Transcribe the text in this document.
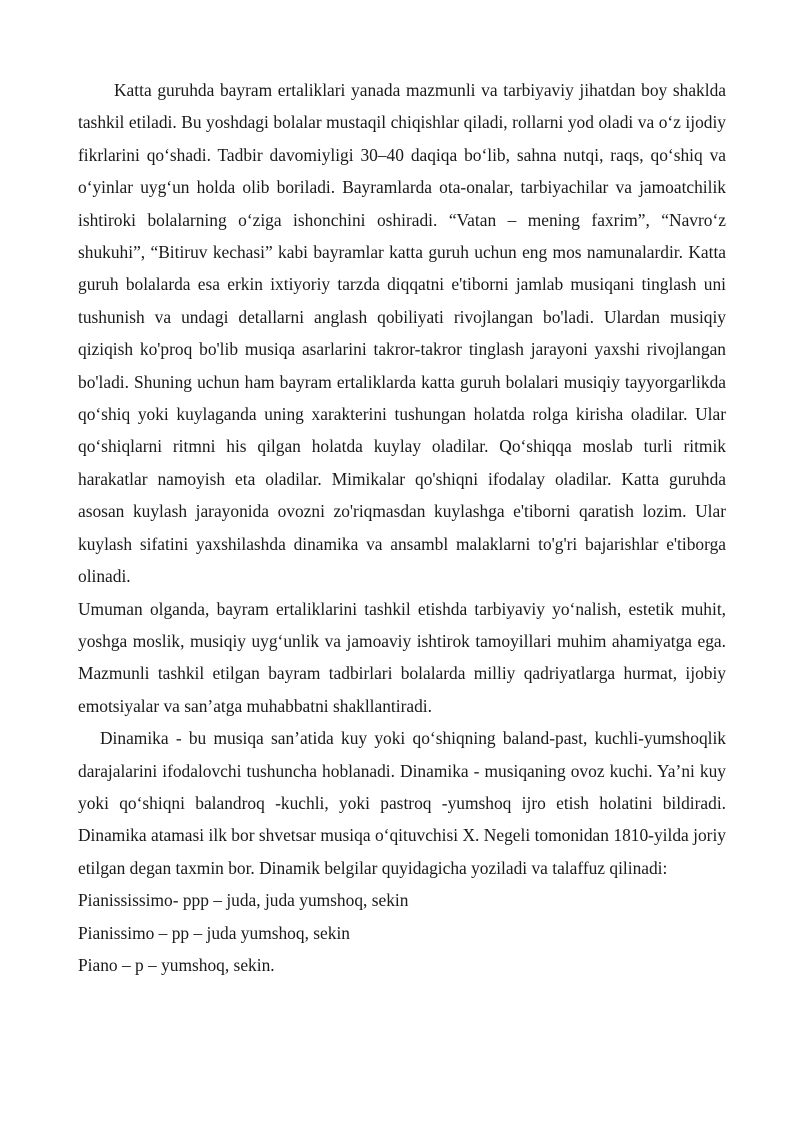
Katta guruhda bayram ertaliklari yanada mazmunli va tarbiyaviy jihatdan boy shaklda tashkil etiladi. Bu yoshdagi bolalar mustaqil chiqishlar qiladi, rollarni yod oladi va o‘z ijodiy fikrlarini qo‘shadi. Tadbir davomiyligi 30–40 daqiqa bo‘lib, sahna nutqi, raqs, qo‘shiq va o‘yinlar uyg‘un holda olib boriladi. Bayramlarda ota-onalar, tarbiyachilar va jamoatchilik ishtiroki bolalarning o‘ziga ishonchini oshiradi. “Vatan – mening faxrim”, “Navro‘z shukuhi”, “Bitiruv kechasi” kabi bayramlar katta guruh uchun eng mos namunalardir. Katta guruh bolalarda esa erkin ixtiyoriy tarzda diqqatni e'tiborni jamlab musiqani tinglash uni tushunish va undagi detallarni anglash qobiliyati rivojlangan bo'ladi. Ulardan musiqiy qiziqish ko'proq bo'lib musiqa asarlarini takror-takror tinglash jarayoni yaxshi rivojlangan bo'ladi. Shuning uchun ham bayram ertaliklarda katta guruh bolalari musiqiy tayyorgarlikda qo‘shiq yoki kuylaganda uning xarakterini tushungan holatda rolga kirisha oladilar. Ular qo‘shiqlarni ritmni his qilgan holatda kuylay oladilar. Qo‘shiqqa moslab turli ritmik harakatlar namoyish eta oladilar. Mimikalar qo'shiqni ifodalay oladilar. Katta guruhda asosan kuylash jarayonida ovozni zo'riqmasdan kuylashga e'tiborni qaratish lozim. Ular kuylash sifatini yaxshilashda dinamika va ansambl malaklarni to'g'ri bajarishlar e'tiborga olinadi.

Umuman olganda, bayram ertaliklarini tashkil etishda tarbiyaviy yo‘nalish, estetik muhit, yoshga moslik, musiqiy uyg‘unlik va jamoaviy ishtirok tamoyillari muhim ahamiyatga ega. Mazmunli tashkil etilgan bayram tadbirlari bolalarda milliy qadriyatlarga hurmat, ijobiy emotsiyalar va san’atga muhabbatni shakllantiradi.

Dinamika - bu musiqa san’atida kuy yoki qo‘shiqning baland-past, kuchli-yumshoqlik darajalarini ifodalovchi tushuncha hoblanadi. Dinamika - musiqaning ovoz kuchi. Ya’ni kuy yoki qo‘shiqni balandroq -kuchli, yoki pastroq -yumshoq ijro etish holatini bildiradi. Dinamika atamasi ilk bor shvetsar musiqa o‘qituvchisi X. Negeli tomonidan 1810-yilda joriy etilgan degan taxmin bor. Dinamik belgilar quyidagicha yoziladi va talaffuz qilinadi:

Pianississimo- ppp – juda, juda yumshoq, sekin

Pianissimo – pp – juda yumshoq, sekin

Piano – p – yumshoq, sekin.
